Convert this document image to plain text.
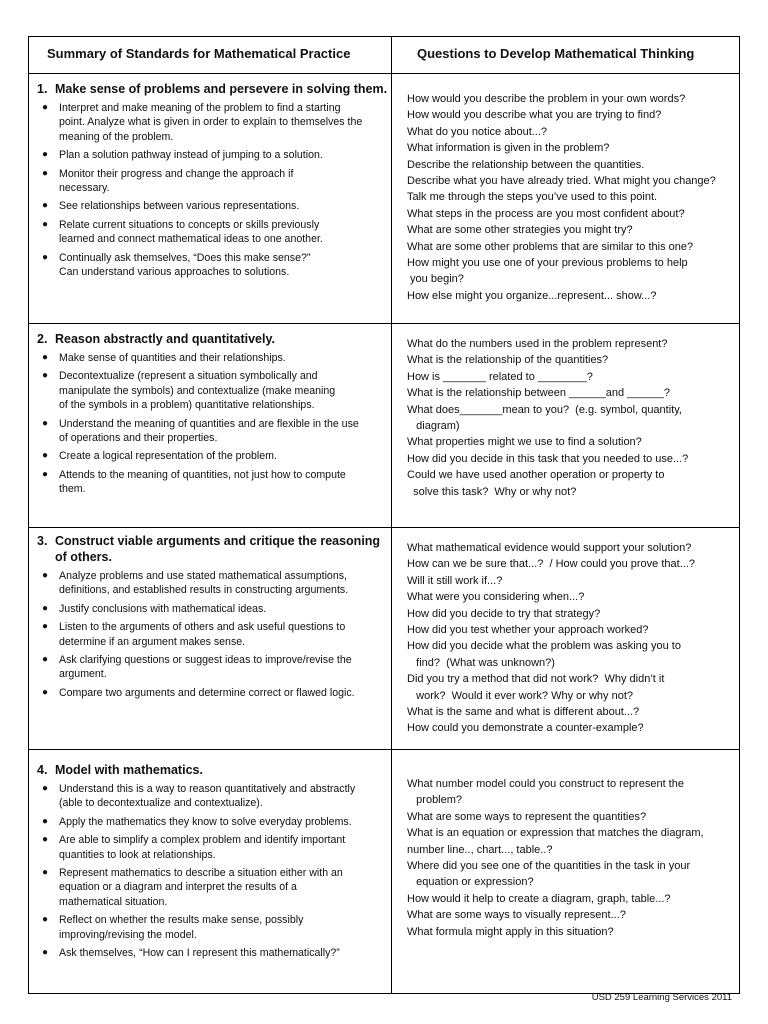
Summary of Standards for Mathematical Practice	Questions to Develop Mathematical Thinking
1. Make sense of problems and persevere in solving them.
● Interpret and make meaning of the problem to find a starting
point. Analyze what is given in order to explain to themselves the
meaning of the problem.
● Plan a solution pathway instead of jumping to a solution.
● Monitor their progress and change the approach if
necessary.
● See relationships between various representations.
● Relate current situations to concepts or skills previously
learned and connect mathematical ideas to one another.
● Continually ask themselves, “Does this make sense?”
Can understand various approaches to solutions.
How would you describe the problem in your own words?
How would you describe what you are trying to find?
What do you notice about...?
What information is given in the problem?
Describe the relationship between the quantities.
Describe what you have already tried. What might you change?
Talk me through the steps you’ve used to this point.
What steps in the process are you most confident about?
What are some other strategies you might try?
What are some other problems that are similar to this one?
How might you use one of your previous problems to help
you begin?
How else might you organize...represent... show...?
2. Reason abstractly and quantitatively.
● Make sense of quantities and their relationships.
● Decontextualize (represent a situation symbolically and
manipulate the symbols) and contextualize (make meaning
of the symbols in a problem) quantitative relationships.
● Understand the meaning of quantities and are flexible in the use
of operations and their properties.
● Create a logical representation of the problem.
● Attends to the meaning of quantities, not just how to compute
them.
What do the numbers used in the problem represent?
What is the relationship of the quantities?
How is _______ related to ________?
What is the relationship between ______and ______?
What does_______mean to you?  (e.g. symbol, quantity,
diagram)
What properties might we use to find a solution?
How did you decide in this task that you needed to use...?
Could we have used another operation or property to
solve this task?  Why or why not?
3. Construct viable arguments and critique the reasoning
of others.
● Analyze problems and use stated mathematical assumptions,
definitions, and established results in constructing arguments.
● Justify conclusions with mathematical ideas.
● Listen to the arguments of others and ask useful questions to
determine if an argument makes sense.
● Ask clarifying questions or suggest ideas to improve/revise the
argument.
● Compare two arguments and determine correct or flawed logic.
What mathematical evidence would support your solution?
How can we be sure that...?  / How could you prove that...?
Will it still work if...?
What were you considering when...?
How did you decide to try that strategy?
How did you test whether your approach worked?
How did you decide what the problem was asking you to
find?  (What was unknown?)
Did you try a method that did not work?  Why didn’t it
work?  Would it ever work? Why or why not?
What is the same and what is different about...?
How could you demonstrate a counter-example?
4. Model with mathematics.
● Understand this is a way to reason quantitatively and abstractly
(able to decontextualize and contextualize).
● Apply the mathematics they know to solve everyday problems.
● Are able to simplify a complex problem and identify important
quantities to look at relationships.
● Represent mathematics to describe a situation either with an
equation or a diagram and interpret the results of a
mathematical situation.
● Reflect on whether the results make sense, possibly
improving/revising the model.
● Ask themselves, “How can I represent this mathematically?”
What number model could you construct to represent the
problem?
What are some ways to represent the quantities?
What is an equation or expression that matches the diagram,
number line.., chart..., table..?
Where did you see one of the quantities in the task in your
equation or expression?
How would it help to create a diagram, graph, table...?
What are some ways to visually represent...?
What formula might apply in this situation?
USD 259 Learning Services 2011
